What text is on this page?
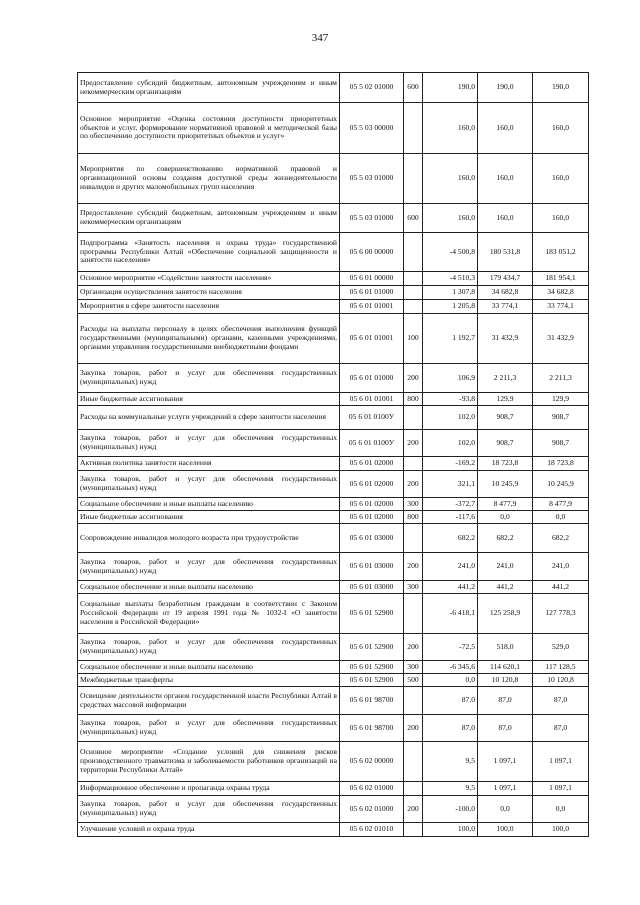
347
Предоставление субсидий бюджетным, автономным учреждениям и иным некоммерческим организациям	05 5 02 01000	600	190,0	190,0	190,0
Основное мероприятие «Оценка состояния доступности приоритетных объектов и услуг, формирование нормативной правовой и методической базы по обеспечению доступности приоритетных объектов и услуг»	05 5 03 00000		160,0	160,0	160,0
Мероприятия по совершенствованию нормативной правовой и организационной основы создания доступной среды жизнедеятельности инвалидов и других маломобильных групп населения	05 5 03 01000		160,0	160,0	160,0
Предоставление субсидий бюджетным, автономным учреждениям и иным некоммерческим организациям	05 5 03 01000	600	160,0	160,0	160,0
Подпрограмма «Занятость населения и охрана труда» государственной программы Республики Алтай «Обеспечение социальной защищенности и занятости населения»	05 6 00 00000		-4 500,8	180 531,8	183 051,2
Основное мероприятие «Содействие занятости населения»	05 6 01 00000		-4 510,3	179 434,7	181 954,1
Организация осуществления занятости населения	05 6 01 01000		1 307,8	34 682,8	34 682,8
Мероприятия в сфере занятости населения	05 6 01 01001		1 205,8	33 774,1	33 774,1
Расходы на выплаты персоналу в целях обеспечения выполнения функций государственными (муниципальными) органами, казенными учреждениями, органами управления государственными внебюджетными фондами	05 6 01 01001	100	1 192,7	31 432,9	31 432,9
Закупка товаров, работ и услуг для обеспечения государственных (муниципальных) нужд	05 6 01 01000	200	106,9	2 211,3	2 211,3
Иные бюджетные ассигнования	05 6 01 01001	800	-93,8	129,9	129,9
Расходы на коммунальные услуги учреждений в сфере занятости населения	05 6 01 0100У		102,0	908,7	908,7
Закупка товаров, работ и услуг для обеспечения государственных (муниципальных) нужд	05 6 01 0100У	200	102,0	908,7	908,7
Активная политика занятости населения	05 6 01 02000		-169,2	18 723,8	18 723,8
Закупка товаров, работ и услуг для обеспечения государственных (муниципальных) нужд	05 6 01 02000	200	321,1	10 245,9	10 245,9
Социальное обеспечение и иные выплаты населению	05 6 01 02000	300	-372,7	8 477,9	8 477,9
Иные бюджетные ассигнования	05 6 01 02000	800	-117,6	0,0	0,0
Сопровождение инвалидов молодого возраста при трудоустройстве	05 6 01 03000		682,2	682,2	682,2
Закупка товаров, работ и услуг для обеспечения государственных (муниципальных) нужд	05 6 01 03000	200	241,0	241,0	241,0
Социальное обеспечение и иные выплаты населению	05 6 01 03000	300	441,2	441,2	441,2
Социальные выплаты безработным гражданам в соответствии с Законом Российской Федерации от 19 апреля 1991 года № 1032-I «О занятости населения в Российской Федерации»	05 6 01 52900		-6 418,1	125 258,9	127 778,3
Закупка товаров, работ и услуг для обеспечения государственных (муниципальных) нужд	05 6 01 52900	200	-72,5	518,0	529,0
Социальное обеспечение и иные выплаты населению	05 6 01 52900	300	-6 345,6	114 620,1	117 128,5
Межбюджетные трансферты	05 6 01 52900	500	0,0	10 120,8	10 120,8
Освещение деятельности органов государственной власти Республики Алтай в средствах массовой информации	05 6 01 98700		87,0	87,0	87,0
Закупка товаров, работ и услуг для обеспечения государственных (муниципальных) нужд	05 6 01 98700	200	87,0	87,0	87,0
Основное мероприятие «Создание условий для снижения рисков производственного травматизма и заболеваемости работников организаций на территории Республики Алтай»	05 6 02 00000		9,5	1 097,1	1 097,1
Информационное обеспечение и пропаганда охраны труда	05 6 02 01000		9,5	1 097,1	1 097,1
Закупка товаров, работ и услуг для обеспечения государственных (муниципальных) нужд	05 6 02 01000	200	-100,0	0,0	0,0
Улучшение условий и охрана труда	05 6 02 01010		100,0	100,0	100,0
